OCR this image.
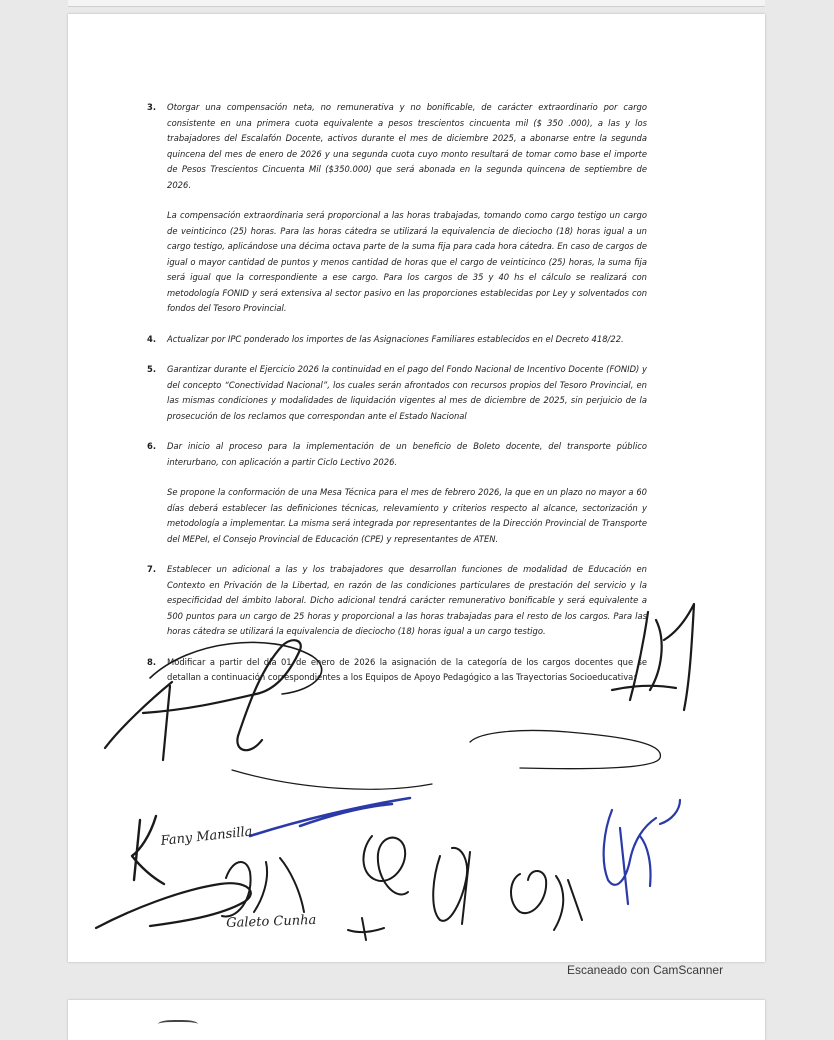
3. Otorgar una compensación neta, no remunerativa y no bonificable, de carácter extraordinario por cargo consistente en una primera cuota equivalente a pesos trescientos cincuenta mil ($ 350 .000), a las y los trabajadores del Escalafón Docente, activos durante el mes de diciembre 2025, a abonarse entre la segunda quincena del mes de enero de 2026 y una segunda cuota cuyo monto resultará de tomar como base el importe de Pesos Trescientos Cincuenta Mil ($350.000) que será abonada en la segunda quincena de septiembre de 2026.
La compensación extraordinaria será proporcional a las horas trabajadas, tomando como cargo testigo un cargo de veinticinco (25) horas. Para las horas cátedra se utilizará la equivalencia de dieciocho (18) horas igual a un cargo testigo, aplicándose una décima octava parte de la suma fija para cada hora cátedra. En caso de cargos de igual o mayor cantidad de puntos y menos cantidad de horas que el cargo de veinticinco (25) horas, la suma fija será igual que la correspondiente a ese cargo. Para los cargos de 35 y 40 hs el cálculo se realizará con metodología FONID y será extensiva al sector pasivo en las proporciones establecidas por Ley y solventados con fondos del Tesoro Provincial.
4. Actualizar por IPC ponderado los importes de las Asignaciones Familiares establecidos en el Decreto 418/22.
5. Garantizar durante el Ejercicio 2026 la continuidad en el pago del Fondo Nacional de Incentivo Docente (FONID) y del concepto “Conectividad Nacional”, los cuales serán afrontados con recursos propios del Tesoro Provincial, en las mismas condiciones y modalidades de liquidación vigentes al mes de diciembre de 2025, sin perjuicio de la prosecución de los reclamos que correspondan ante el Estado Nacional
6. Dar inicio al proceso para la implementación de un beneficio de Boleto docente, del transporte público interurbano, con aplicación a partir Ciclo Lectivo 2026.
Se propone la conformación de una Mesa Técnica para el mes de febrero 2026, la que en un plazo no mayor a 60 días deberá establecer las definiciones técnicas, relevamiento y criterios respecto al alcance, sectorización y metodología a implementar. La misma será integrada por representantes de la Dirección Provincial de Transporte del MEPeI, el Consejo Provincial de Educación (CPE) y representantes de ATEN.
7. Establecer un adicional a las y los trabajadores que desarrollan funciones de modalidad de Educación en Contexto en Privación de la Libertad, en razón de las condiciones particulares de prestación del servicio y la especificidad del ámbito laboral. Dicho adicional tendrá carácter remunerativo bonificable y será equivalente a 500 puntos para un cargo de 25 horas y proporcional a las horas trabajadas para el resto de los cargos. Para las horas cátedra se utilizará la equivalencia de dieciocho (18) horas igual a un cargo testigo.
8. Modificar a partir del día 01 de enero de 2026 la asignación de la categoría de los cargos docentes que se detallan a continuación correspondientes a los Equipos de Apoyo Pedagógico a las Trayectorias Socioeducativa:
Fany Mansilla
Galeto Cunha
Escaneado con CamScanner
